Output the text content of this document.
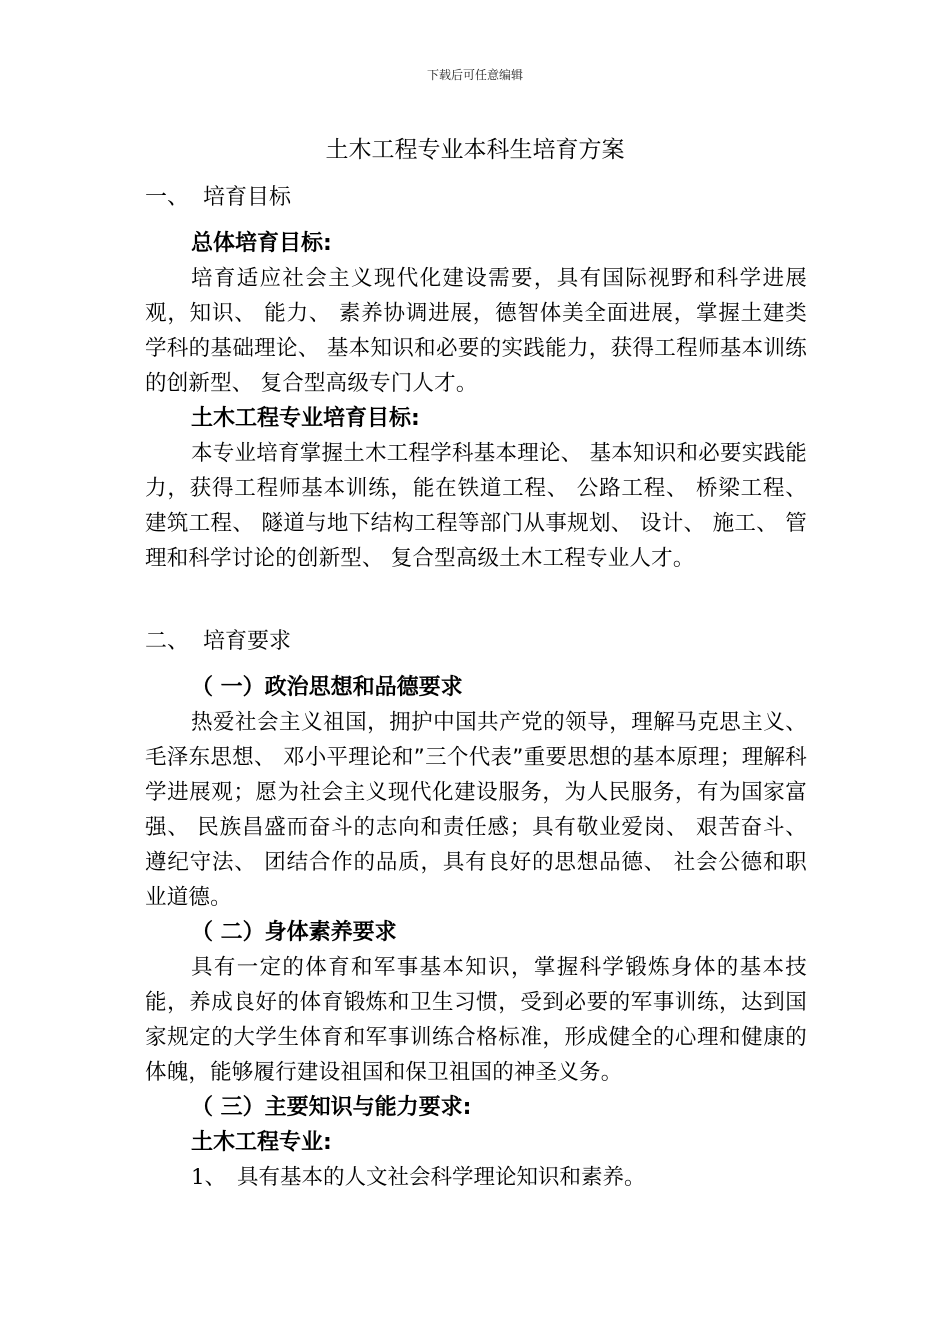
下载后可任意编辑
土木工程专业本科生培育方案
一、 培育目标
总体培育目标:

培育适应社会主义现代化建设需要，具有国际视野和科学进展观，知识、 能力、 素养协调进展，德智体美全面进展，掌握土建类学科的基础理论、 基本知识和必要的实践能力，获得工程师基本训练的创新型、 复合型高级专门人才。

土木工程专业培育目标:

本专业培育掌握土木工程学科基本理论、 基本知识和必要实践能力，获得工程师基本训练，能在铁道工程、 公路工程、 桥梁工程、 建筑工程、 隧道与地下结构工程等部门从事规划、 设计、 施工、 管理和科学讨论的创新型、 复合型高级土木工程专业人才。

二、 培育要求
（ 一）政治思想和品德要求

热爱社会主义祖国，拥护中国共产党的领导，理解马克思主义、 毛泽东思想、 邓小平理论和”三个代表”重要思想的基本原理；理解科学进展观；愿为社会主义现代化建设服务，为人民服务，有为国家富强、 民族昌盛而奋斗的志向和责任感；具有敬业爱岗、 艰苦奋斗、 遵纪守法、 团结合作的品质，具有良好的思想品德、 社会公德和职业道德。

（ 二）身体素养要求

具有一定的体育和军事基本知识，掌握科学锻炼身体的基本技能，养成良好的体育锻炼和卫生习惯，受到必要的军事训练，达到国家规定的大学生体育和军事训练合格标准，形成健全的心理和健康的体魄，能够履行建设祖国和保卫祖国的神圣义务。

（ 三）主要知识与能力要求:
土木工程专业:
1、 具有基本的人文社会科学理论知识和素养。
